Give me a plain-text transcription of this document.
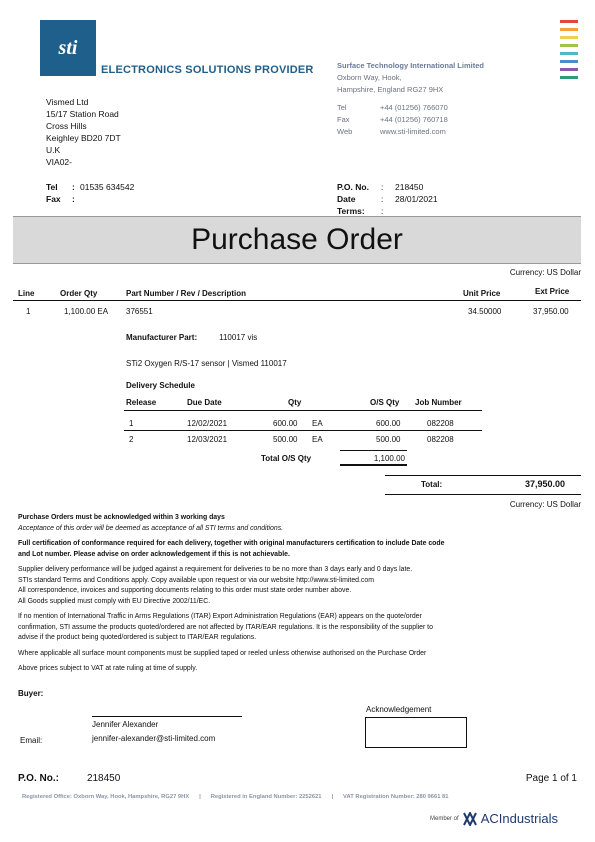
sti
ELECTRONICS SOLUTIONS PROVIDER	Surface Technology International Limited
Oxborn Way, Hook,
Hampshire, England RG27 9HX
Tel	+44 (01256) 766070
Fax	+44 (01256) 760718
Web	www.sti-limited.com
Vismed Ltd
15/17 Station Road
Cross Hills
Keighley BD20 7DT
U.K
VIA02-
Tel : 01535 634542
Fax :
P.O. No.	:	218450
Date	:	28/01/2021
Terms:	:
Purchase Order
Currency: US Dollar
Line	Order Qty	Part Number / Rev / Description	Unit Price	Ext Price
1	1,100.00 EA 376551	34.50000	37,950.00
Manufacturer Part:	110017 vis
STi2 Oxygen R/S-17 sensor | Vismed 110017
Delivery Schedule
Release	Due Date	Qty	O/S Qty Job Number
1	12/02/2021	600.00 EA	600.00	082208
2	12/03/2021	500.00 EA	500.00	082208
Total O/S Qty	1,100.00
Total:	37,950.00
Currency: US Dollar

Purchase Orders must be acknowledged within 3 working days
Acceptance of this order will be deemed as acceptance of all STI terms and conditions.

Full certification of conformance required for each delivery, together with original manufacturers certification to include Date code
and Lot number. Please advise on order acknowledgement if this is not achievable.

Supplier delivery performance will be judged against a requirement for deliveries to be no more than 3 days early and 0 days late.
STIs standard Terms and Conditions apply. Copy available upon request or via our website http://www.sti-limited.com
All correspondence, invoices and supporting documents relating to this order must state order number above.
All Goods supplied must comply with EU Directive 2002/11/EC.

If no mention of International Traffic in Arms Regulations (ITAR) Export Administration Regulations (EAR) appears on the quote/order
confirmation, STI assume the products quoted/ordered are not affected by ITAR/EAR regulations. It is the responsibility of the supplier to
advise if the product being quoted/ordered is subject to ITAR/EAR regulations.

Where applicable all surface mount components must be supplied taped or reeled unless otherwise authorised on the Purchase Order

Above prices subject to VAT at rate ruling at time of supply.

Buyer:
Jennifer Alexander
Email:	jennifer-alexander@sti-limited.com
Acknowledgement
P.O. No.:	218450	Page 1 of 1
Registered Office: Oxborn Way, Hook, Hampshire, RG27 9HX | Registered in England Number: 2252621 | VAT Registration Number: 280 9661 81
Member of ACIndustrials
